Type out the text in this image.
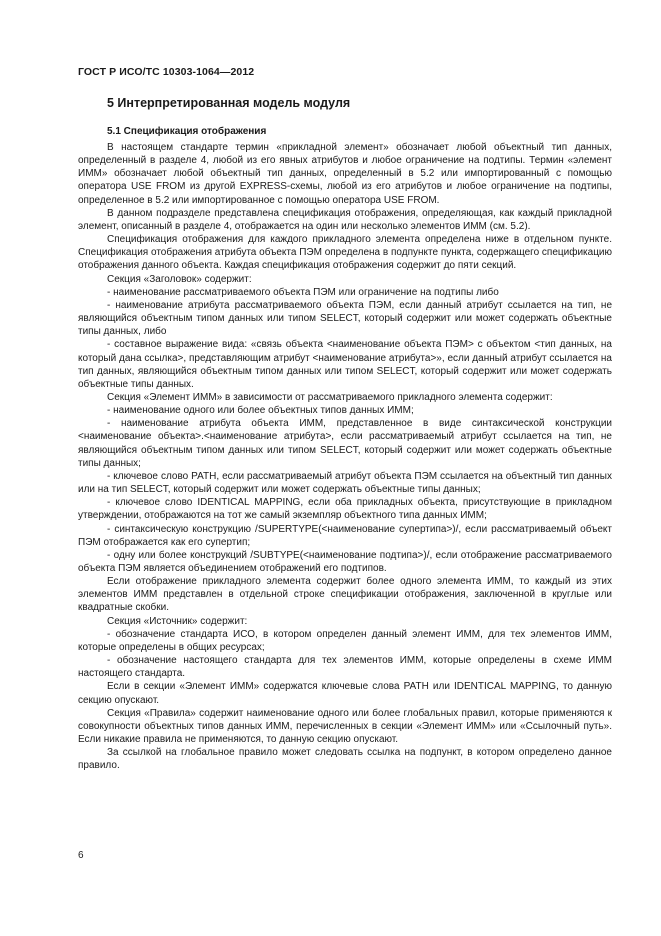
ГОСТ Р ИСО/ТС 10303-1064—2012
5 Интерпретированная модель модуля
5.1 Спецификация отображения

В настоящем стандарте термин «прикладной элемент» обозначает любой объектный тип данных, определенный в разделе 4, любой из его явных атрибутов и любое ограничение на подтипы. Термин «элемент ИММ» обозначает любой объектный тип данных, определенный в 5.2 или импортированный с помощью оператора USE FROM из другой EXPRESS-схемы, любой из его атрибутов и любое ограничение на подтипы, определенное в 5.2 или импортированное с помощью оператора USE FROM.

В данном подразделе представлена спецификация отображения, определяющая, как каждый прикладной элемент, описанный в разделе 4, отображается на один или несколько элементов ИММ (см. 5.2).

Спецификация отображения для каждого прикладного элемента определена ниже в отдельном пункте. Спецификация отображения атрибута объекта ПЭМ определена в подпункте пункта, содержащего спецификацию отображения данного объекта. Каждая спецификация отображения содержит до пяти секций.

Секция «Заголовок» содержит:

- наименование рассматриваемого объекта ПЭМ или ограничение на подтипы либо

- наименование атрибута рассматриваемого объекта ПЭМ, если данный атрибут ссылается на тип, не являющийся объектным типом данных или типом SELECT, который содержит или может содержать объектные типы данных, либо

- составное выражение вида: «связь объекта <наименование объекта ПЭМ> с объектом <тип данных, на который дана ссылка>, представляющим атрибут <наименование атрибута>», если данный атрибут ссылается на тип данных, являющийся объектным типом данных или типом SELECT, который содержит или может содержать объектные типы данных.

Секция «Элемент ИММ» в зависимости от рассматриваемого прикладного элемента содержит:

- наименование одного или более объектных типов данных ИММ;

- наименование атрибута объекта ИММ, представленное в виде синтаксической конструкции <наименование объекта>.<наименование атрибута>, если рассматриваемый атрибут ссылается на тип, не являющийся объектным типом данных или типом SELECT, который содержит или может содержать объектные типы данных;

- ключевое слово PATH, если рассматриваемый атрибут объекта ПЭМ ссылается на объектный тип данных или на тип SELECT, который содержит или может содержать объектные типы данных;

- ключевое слово IDENTICAL MAPPING, если оба прикладных объекта, присутствующие в прикладном утверждении, отображаются на тот же самый экземпляр объектного типа данных ИММ;

- синтаксическую конструкцию /SUPERTYPE(<наименование супертипа>)/, если рассматриваемый объект ПЭМ отображается как его супертип;

- одну или более конструкций /SUBTYPE(<наименование подтипа>)/, если отображение рассматриваемого объекта ПЭМ является объединением отображений его подтипов.

Если отображение прикладного элемента содержит более одного элемента ИММ, то каждый из этих элементов ИММ представлен в отдельной строке спецификации отображения, заключенной в круглые или квадратные скобки.

Секция «Источник» содержит:

- обозначение стандарта ИСО, в котором определен данный элемент ИММ, для тех элементов ИММ, которые определены в общих ресурсах;

- обозначение настоящего стандарта для тех элементов ИММ, которые определены в схеме ИММ настоящего стандарта.

Если в секции «Элемент ИММ» содержатся ключевые слова PATH или IDENTICAL MAPPING, то данную секцию опускают.

Секция «Правила» содержит наименование одного или более глобальных правил, которые применяются к совокупности объектных типов данных ИММ, перечисленных в секции «Элемент ИММ» или «Ссылочный путь». Если никакие правила не применяются, то данную секцию опускают.

За ссылкой на глобальное правило может следовать ссылка на подпункт, в котором определено данное правило.

6
